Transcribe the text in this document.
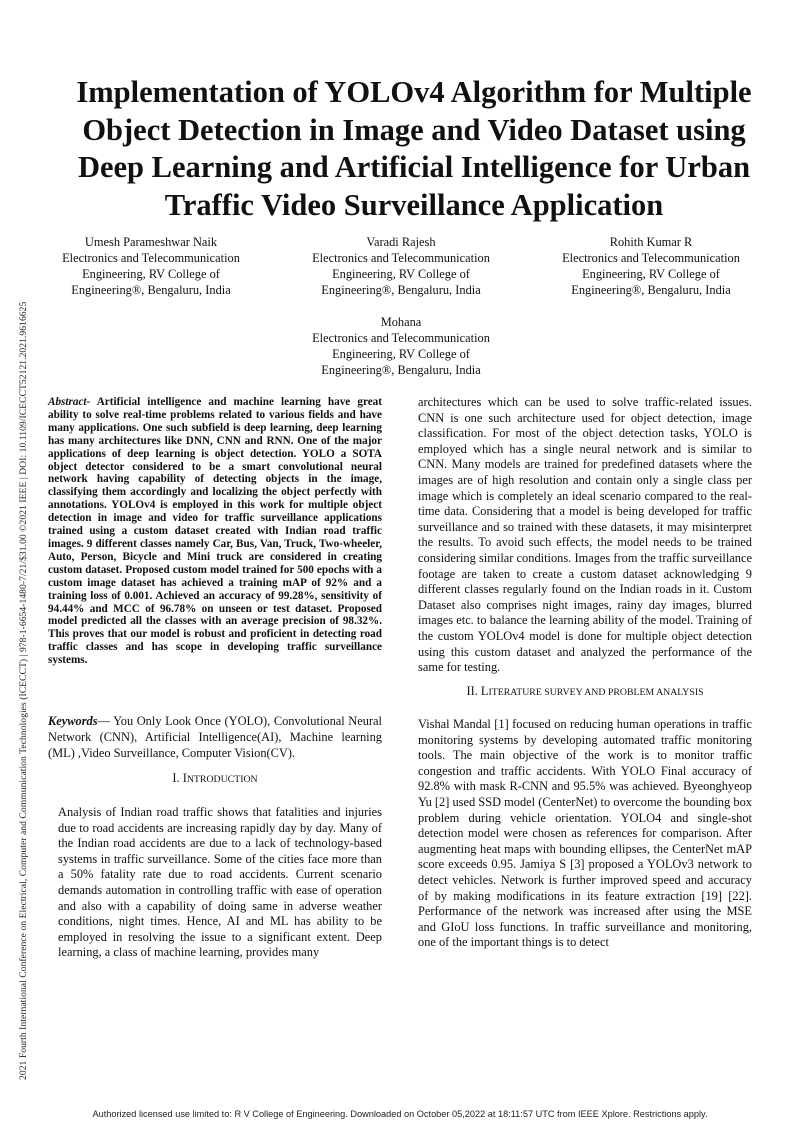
2021 Fourth International Conference on Electrical, Computer and Communication Technologies (ICECCT) | 978-1-6654-1480-7/21/$31.00 ©2021 IEEE | DOI: 10.1109/ICECCT52121.2021.9616625
Implementation of YOLOv4 Algorithm for Multiple
Object Detection in Image and Video Dataset using
Deep Learning and Artificial Intelligence for Urban
Traffic Video Surveillance Application
Umesh Parameshwar Naik
Electronics and Telecommunication
Engineering, RV College of
Engineering®, Bengaluru, India
Varadi Rajesh
Electronics and Telecommunication
Engineering, RV College of
Engineering®, Bengaluru, India
Rohith Kumar R
Electronics and Telecommunication
Engineering, RV College of
Engineering®, Bengaluru, India
Mohana
Electronics and Telecommunication
Engineering, RV College of
Engineering®, Bengaluru, India

Abstract- Artificial intelligence and machine learning have great ability to solve real-time problems related to various fields and have many applications. One such subfield is deep learning, deep learning has many architectures like DNN, CNN and RNN. One of the major applications of deep learning is object detection. YOLO a SOTA object detector considered to be a smart convolutional neural network having capability of detecting objects in the image, classifying them accordingly and localizing the object perfectly with annotations. YOLOv4 is employed in this work for multiple object detection in image and video for traffic surveillance applications trained using a custom dataset created with Indian road traffic images. 9 different classes namely Car, Bus, Van, Truck, Two-wheeler, Auto, Person, Bicycle and Mini truck are considered in creating custom dataset. Proposed custom model trained for 500 epochs with a custom image dataset has achieved a training mAP of 92% and a training loss of 0.001. Achieved an accuracy of 99.28%, sensitivity of 94.44% and MCC of 96.78% on unseen or test dataset. Proposed model predicted all the classes with an average precision of 98.32%. This proves that our model is robust and proficient in detecting road traffic classes and has scope in developing traffic surveillance systems.

Keywords— You Only Look Once (YOLO), Convolutional Neural Network (CNN), Artificial Intelligence(AI), Machine learning (ML) ,Video Surveillance, Computer Vision(CV).

I. INTRODUCTION

Analysis of Indian road traffic shows that fatalities and injuries due to road accidents are increasing rapidly day by day. Many of the Indian road accidents are due to a lack of technology-based systems in traffic surveillance. Some of the cities face more than a 50% fatality rate due to road accidents. Current scenario demands automation in controlling traffic with ease of operation and also with a capability of doing same in adverse weather conditions, night times. Hence, AI and ML has ability to be employed in resolving the issue to a significant extent. Deep learning, a class of machine learning, provides many

architectures which can be used to solve traffic-related issues. CNN is one such architecture used for object detection, image classification. For most of the object detection tasks, YOLO is employed which has a single neural network and is similar to CNN. Many models are trained for predefined datasets where the images are of high resolution and contain only a single class per image which is completely an ideal scenario compared to the real-time data. Considering that a model is being developed for traffic surveillance and so trained with these datasets, it may misinterpret the results. To avoid such effects, the model needs to be trained considering similar conditions. Images from the traffic surveillance footage are taken to create a custom dataset acknowledging 9 different classes regularly found on the Indian roads in it. Custom Dataset also comprises night images, rainy day images, blurred images etc. to balance the learning ability of the model. Training of the custom YOLOv4 model is done for multiple object detection using this custom dataset and analyzed the performance of the same for testing.

II. LITERATURE SURVEY AND PROBLEM ANALYSIS

Vishal Mandal [1] focused on reducing human operations in traffic monitoring systems by developing automated traffic monitoring tools. The main objective of the work is to monitor traffic congestion and traffic accidents. With YOLO Final accuracy of 92.8% with mask R-CNN and 95.5% was achieved. Byeonghyeop Yu [2] used SSD model (CenterNet) to overcome the bounding box problem during vehicle orientation. YOLO4 and single-shot detection model were chosen as references for comparison. After augmenting heat maps with bounding ellipses, the CenterNet mAP score exceeds 0.95. Jamiya S [3] proposed a YOLOv3 network to detect vehicles. Network is further improved speed and accuracy of by making modifications in its feature extraction [19] [22]. Performance of the network was increased after using the MSE and GIoU loss functions. In traffic surveillance and monitoring, one of the important things is to detect

Authorized licensed use limited to: R V College of Engineering. Downloaded on October 05,2022 at 18:11:57 UTC from IEEE Xplore. Restrictions apply.
